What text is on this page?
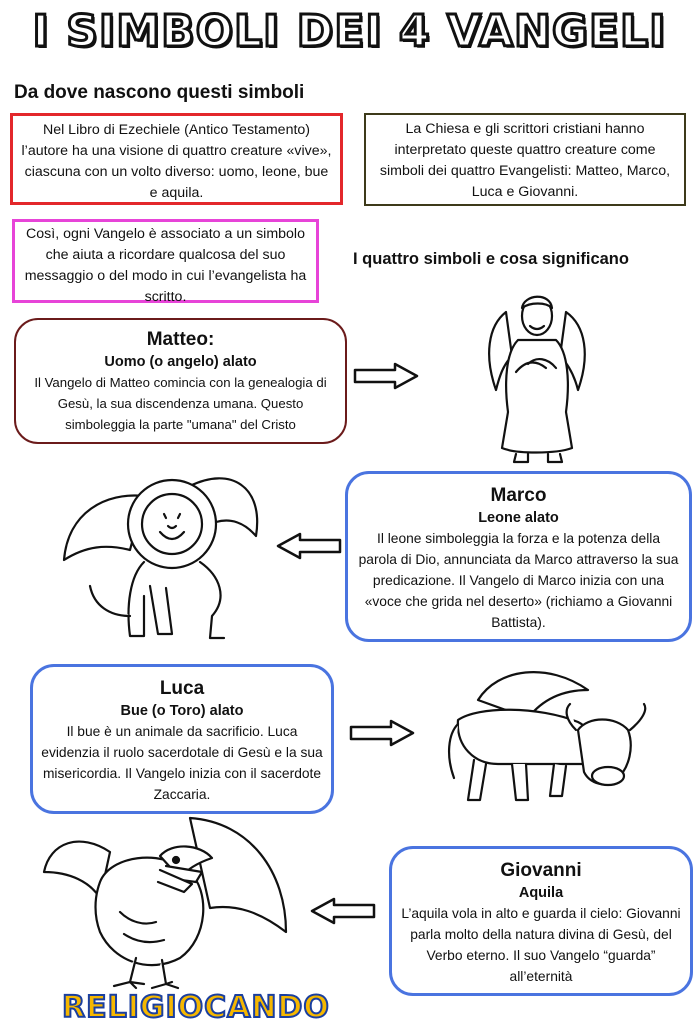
I SIMBOLI DEI 4 VANGELI
Da dove nascono questi simboli
Nel Libro di Ezechiele (Antico Testamento) l’autore ha una visione di quattro creature «vive», ciascuna con un volto diverso: uomo, leone, bue e aquila.
La Chiesa e gli scrittori cristiani hanno interpretato queste quattro creature come simboli dei quattro Evangelisti: Matteo, Marco, Luca e Giovanni.
Così, ogni Vangelo è associato a un simbolo che aiuta a ricordare qualcosa del suo messaggio o del modo in cui l’evangelista ha scritto.
I quattro simboli e cosa significano
Matteo:
Uomo (o angelo) alato
Il Vangelo di Matteo comincia con la genealogia di Gesù, la sua discendenza umana. Questo simboleggia la parte "umana" del Cristo
Marco
Leone alato
Il leone simboleggia la forza e la potenza della parola di Dio, annunciata da Marco attraverso la sua predicazione. Il Vangelo di Marco inizia con una «voce che grida nel deserto» (richiamo a Giovanni Battista).
Luca
Bue (o Toro) alato
Il bue è un animale da sacrificio. Luca evidenzia il ruolo sacerdotale di Gesù e la sua misericordia. Il Vangelo inizia con il sacerdote Zaccaria.
Giovanni
Aquila
L’aquila vola in alto e guarda il cielo: Giovanni parla molto della natura divina di Gesù, del Verbo eterno. Il suo Vangelo “guarda” all’eternità
RELIGIOCANDO
